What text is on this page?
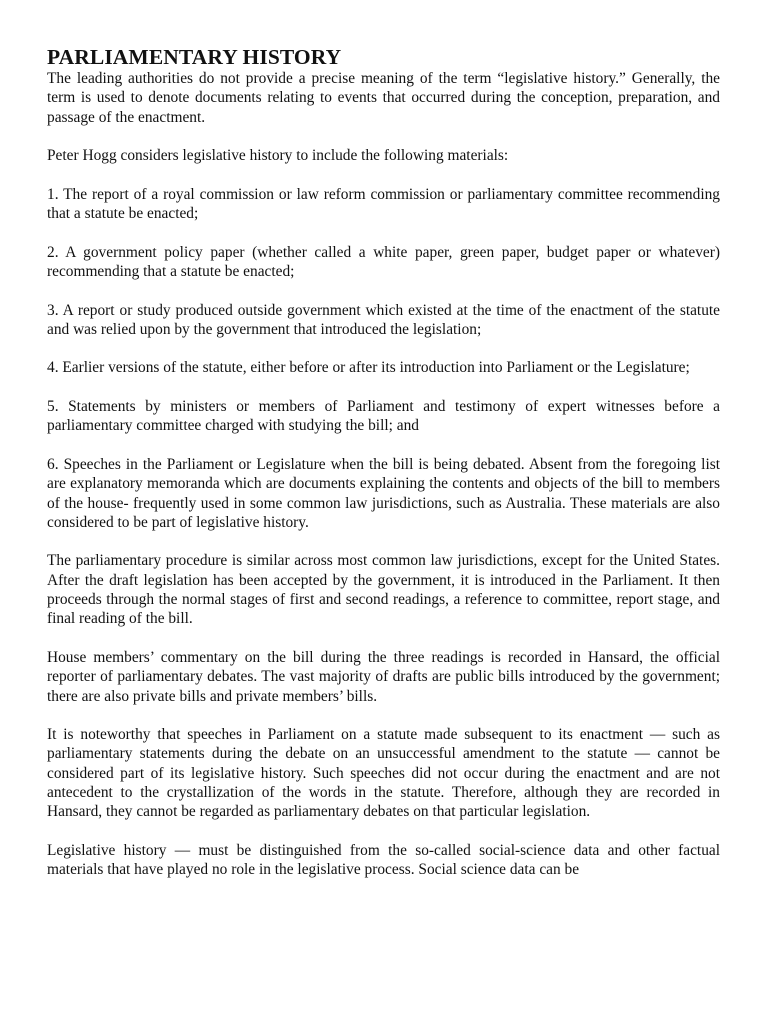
PARLIAMENTARY HISTORY

The leading authorities do not provide a precise meaning of the term “legislative history.” Generally, the term is used to denote documents relating to events that occurred during the conception, preparation, and passage of the enactment.

Peter Hogg considers legislative history to include the following materials:

1. The report of a royal commission or law reform commission or parliamentary committee recommending that a statute be enacted;

2. A government policy paper (whether called a white paper, green paper, budget paper or whatever) recommending that a statute be enacted;

3. A report or study produced outside government which existed at the time of the enactment of the statute and was relied upon by the government that introduced the legislation;

4. Earlier versions of the statute, either before or after its introduction into Parliament or the Legislature;

5. Statements by ministers or members of Parliament and testimony of expert witnesses before a parliamentary committee charged with studying the bill; and

6. Speeches in the Parliament or Legislature when the bill is being debated. Absent from the foregoing list are explanatory memoranda which are documents explaining the contents and objects of the bill to members of the house- frequently used in some common law jurisdictions, such as Australia. These materials are also considered to be part of legislative history.

The parliamentary procedure is similar across most common law jurisdictions, except for the United States. After the draft legislation has been accepted by the government, it is introduced in the Parliament. It then proceeds through the normal stages of first and second readings, a reference to committee, report stage, and final reading of the bill.

House members’ commentary on the bill during the three readings is recorded in Hansard, the official reporter of parliamentary debates. The vast majority of drafts are public bills introduced by the government; there are also private bills and private members’ bills.

It is noteworthy that speeches in Parliament on a statute made subsequent to its enactment — such as parliamentary statements during the debate on an unsuccessful amendment to the statute — cannot be considered part of its legislative history. Such speeches did not occur during the enactment and are not antecedent to the crystallization of the words in the statute. Therefore, although they are recorded in Hansard, they cannot be regarded as parliamentary debates on that particular legislation.

Legislative history — must be distinguished from the so-called social-science data and other factual materials that have played no role in the legislative process. Social science data can be
